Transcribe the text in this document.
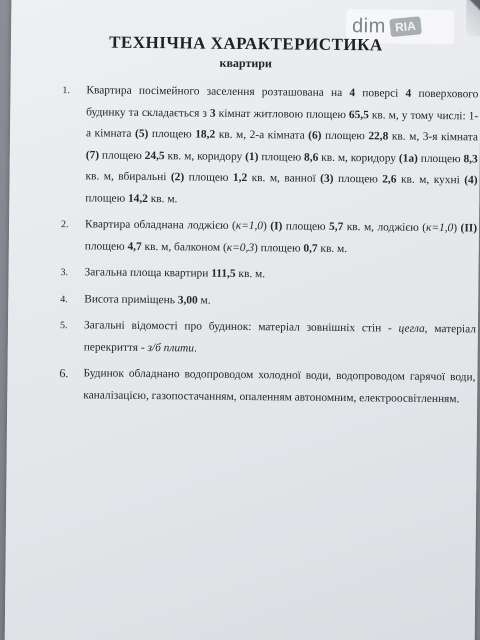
dim RIA
ТЕХНІЧНА ХАРАКТЕРИСТИКА
квартири
1. Квартира посімейного заселення розташована на 4 поверсі 4 поверхового будинку та складається з 3 кімнат житловою площею 65,5 кв. м, у тому числі: 1-а кімната (5) площею 18,2 кв. м, 2-а кімната (6) площею 22,8 кв. м, 3-я кімната (7) площею 24,5 кв. м, коридору (1) площею 8,6 кв. м, коридору (1а) площею 8,3 кв. м, вбиральні (2) площею 1,2 кв. м, ванної (3) площею 2,6 кв. м, кухні (4) площею 14,2 кв. м.
2. Квартира обладнана лоджією (к=1,0) (I) площею 5,7 кв. м, лоджією (к=1,0) (II) площею 4,7 кв. м, балконом (к=0,3) площею 0,7 кв. м.
3. Загальна площа квартири 111,5 кв. м.
4. Висота приміщень 3,00 м.
5. Загальні відомості про будинок: матеріал зовнішніх стін - цегла, матеріал перекриття - з/б плити.
6. Будинок обладнано водопроводом холодної води, водопроводом гарячої води, каналізацією, газопостачанням, опаленням автономним, електроосвітленням.
